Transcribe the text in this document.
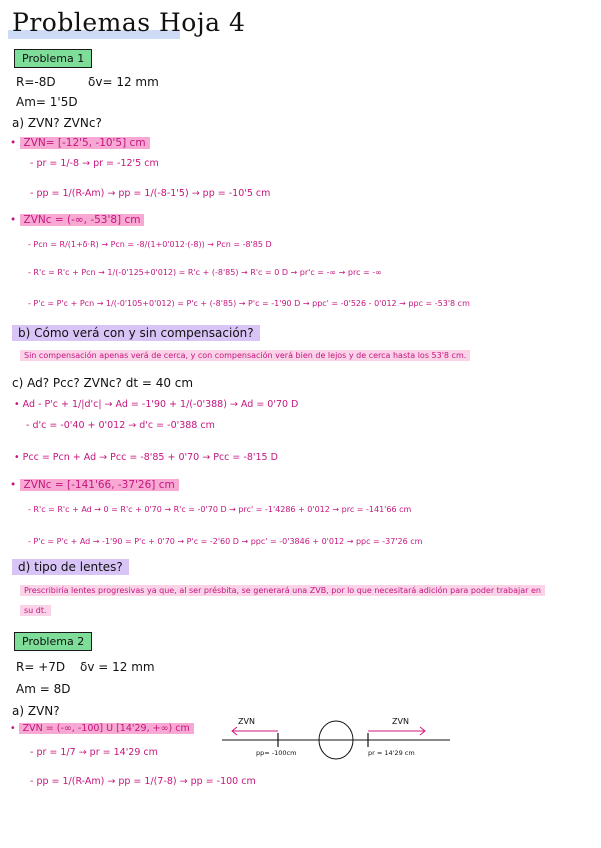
Problemas Hoja 4
Problema 1
R=-8D	δv= 12 mm
Am= 1'5D
a) ZVN? ZVNc?
• ZVN= [-12'5, -10'5] cm
- pr = 1/-8 → pr = -12'5 cm
- pp = 1/(R-Am) → pp = 1/(-8-1'5) → pp = -10'5 cm
• ZVNc = (-∞, -53'8] cm
- Pcn = R/(1+δ·R) → Pcn = -8/(1+0'012·(-8)) → Pcn = -8'85 D
- R'c = R'c + Pcn → 1/(-0'125+0'012) = R'c + (-8'85) → R'c = 0 D → pr'c = -∞ → prc = -∞
- P'c = P'c + Pcn → 1/(-0'105+0'012) = P'c + (-8'85) → P'c = -1'90 D → ppc' = -0'526 - 0'012 → ppc = -53'8 cm
b) Cómo verá con y sin compensación?
Sin compensación apenas verá de cerca, y con compensación verá bien de lejos y de cerca hasta los 53'8 cm.
c) Ad? Pcc? ZVNc? dt = 40 cm
• Ad - P'c + 1/|d'c| → Ad = -1'90 + 1/(-0'388) → Ad = 0'70 D
- d'c = -0'40 + 0'012 → d'c = -0'388 cm
• Pcc = Pcn + Ad → Pcc = -8'85 + 0'70 → Pcc = -8'15 D
• ZVNc = [-141'66, -37'26] cm
- R'c = R'c + Ad → 0 = R'c + 0'70 → R'c = -0'70 D → prc' = -1'4286 + 0'012 → prc = -141'66 cm
- P'c = P'c + Ad → -1'90 = P'c + 0'70 → P'c = -2'60 D → ppc' = -0'3846 + 0'012 → ppc = -37'26 cm
d) tipo de lentes?
Prescribiría lentes progresivas ya que, al ser présbita, se generará una ZVB, por lo que necesitará adición para poder trabajar en
su dt.
Problema 2
R= +7D δv = 12 mm
Am = 8D
a) ZVN?
• ZVN = (-∞, -100] U [14'29, +∞) cm
- pr = 1/7 → pr = 14'29 cm
- pp = 1/(R-Am) → pp = 1/(7-8) → pp = -100 cm
ZVN	ZVN
pp= -100cm	pr = 14'29 cm
